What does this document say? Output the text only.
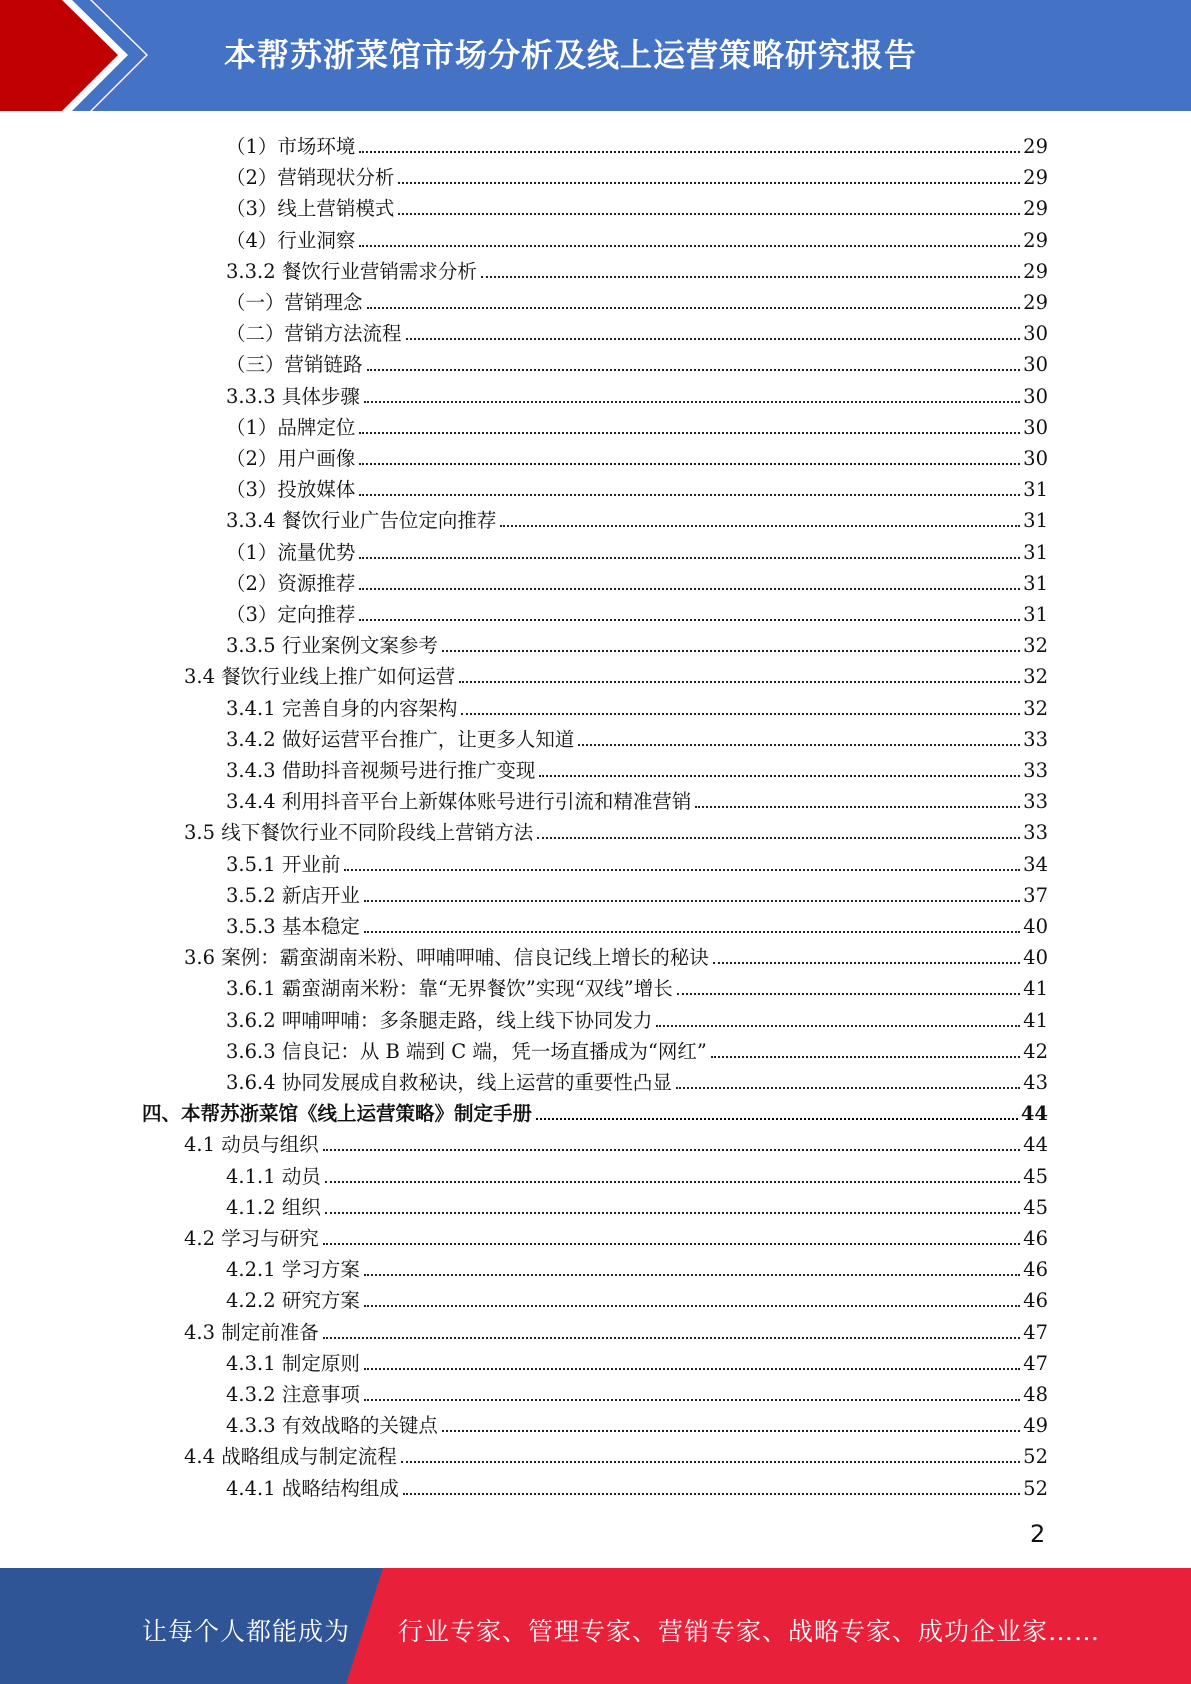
本帮苏浙菜馆市场分析及线上运营策略研究报告
（1）市场环境	29
（2）营销现状分析	29
（3）线上营销模式	29
（4）行业洞察	29
3.3.2 餐饮行业营销需求分析	29
（一）营销理念	29
（二）营销方法流程	30
（三）营销链路	30
3.3.3 具体步骤	30
（1）品牌定位	30
（2）用户画像	30
（3）投放媒体	31
3.3.4 餐饮行业广告位定向推荐	31
（1）流量优势	31
（2）资源推荐	31
（3）定向推荐	31
3.3.5 行业案例文案参考	32
3.4 餐饮行业线上推广如何运营	32
3.4.1 完善自身的内容架构	32
3.4.2 做好运营平台推广，让更多人知道	33
3.4.3 借助抖音视频号进行推广变现	33
3.4.4 利用抖音平台上新媒体账号进行引流和精准营销	33
3.5 线下餐饮行业不同阶段线上营销方法	33
3.5.1 开业前	34
3.5.2 新店开业	37
3.5.3 基本稳定	40
3.6 案例：霸蛮湖南米粉、呷哺呷哺、信良记线上增长的秘诀	40
3.6.1 霸蛮湖南米粉：靠“无界餐饮”实现“双线”增长	41
3.6.2 呷哺呷哺：多条腿走路，线上线下协同发力	41
3.6.3 信良记：从 B 端到 C 端，凭一场直播成为“网红”	42
3.6.4 协同发展成自救秘诀，线上运营的重要性凸显	43
四、本帮苏浙菜馆《线上运营策略》制定手册	44
4.1 动员与组织	44
4.1.1 动员	45
4.1.2 组织	45
4.2 学习与研究	46
4.2.1 学习方案	46
4.2.2 研究方案	46
4.3 制定前准备	47
4.3.1 制定原则	47
4.3.2 注意事项	48
4.3.3 有效战略的关键点	49
4.4 战略组成与制定流程	52
4.4.1 战略结构组成	52
2
让每个人都能成为 行业专家、管理专家、营销专家、战略专家、成功企业家……
